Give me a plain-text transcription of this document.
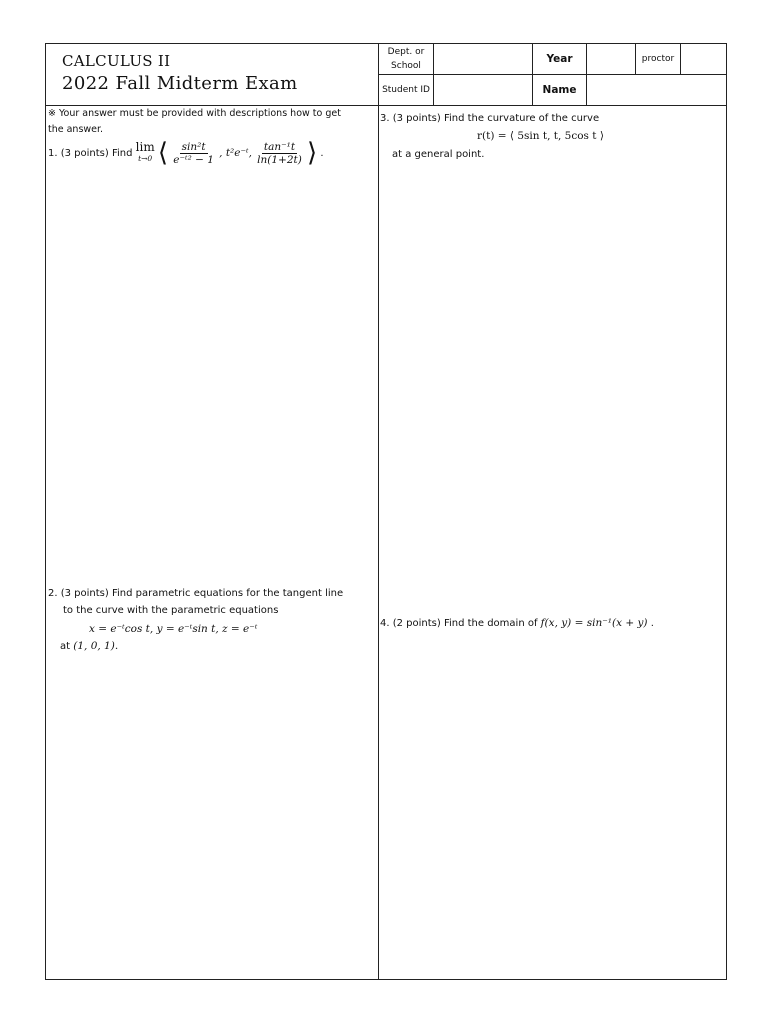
CALCULUS II
2022 Fall Midterm Exam
Dept. or School
Year	proctor
Student ID	Name
※ Your answer must be provided with descriptions how to get
the answer.
1. (3 points) Find lim
t→0 ⟨ $\frac{\text{sin²t}}{\text{e⁻ᵗ² − 1}}$ , t²e⁻ᵗ, $\frac{\text{tan⁻¹t}}{\ln(1+2t)}$ ⟩ .
2. (3 points) Find parametric equations for the tangent line
to the curve with the parametric equations
x = e⁻ᵗcos t, y = e⁻ᵗsin t, z = e⁻ᵗ
at (1, 0, 1).
3. (3 points) Find the curvature of the curve
r(t) = ⟨ 5sin t, t, 5cos t ⟩
at a general point.
4. (2 points) Find the domain of f(x, y) = sin⁻¹(x + y) .
